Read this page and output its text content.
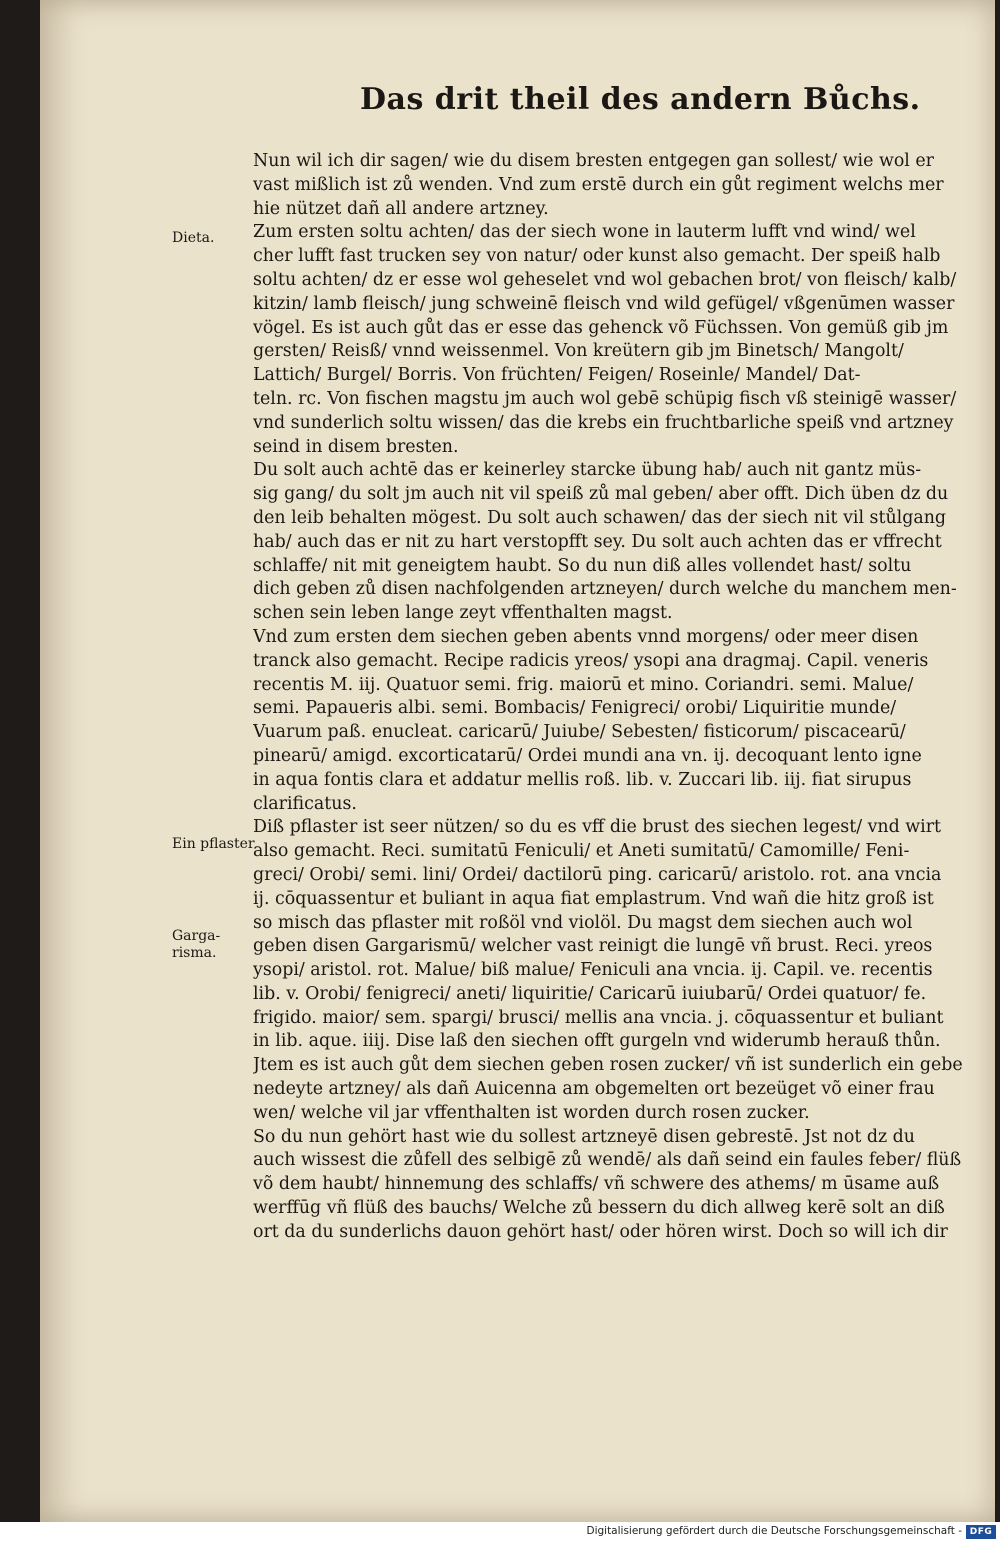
Das drit theil des andern Bůchs.
Dieta.
Ein pflaster
Garga-
risma.
Nun wil ich dir sagen/ wie du disem bresten entgegen gan sollest/ wie wol er
vast mißlich ist zů wenden. Vnd zum erstē durch ein gůt regiment welchs mer
hie nützet dañ all andere artzney.
Zum ersten soltu achten/ das der siech wone in lauterm lufft vnd wind/ wel
cher lufft fast trucken sey von natur/ oder kunst also gemacht. Der speiß halb
soltu achten/ dz er esse wol geheselet vnd wol gebachen brot/ von fleisch/ kalb/
kitzin/ lamb fleisch/ jung schweinē fleisch vnd wild gefügel/ vßgenūmen wasser
vögel. Es ist auch gůt das er esse das gehenck võ Füchssen. Von gemüß gib jm
gersten/ Reisß/ vnnd weissenmel. Von kreütern gib jm Binetsch/ Mangolt/
Lattich/ Burgel/ Borris. Von früchten/ Feigen/ Roseinle/ Mandel/ Dat-
teln. rc. Von fischen magstu jm auch wol gebē schüpig fisch vß steinigē wasser/
vnd sunderlich soltu wissen/ das die krebs ein fruchtbarliche speiß vnd artzney
seind in disem bresten.
Du solt auch achtē das er keinerley starcke übung hab/ auch nit gantz müs-
sig gang/ du solt jm auch nit vil speiß zů mal geben/ aber offt. Dich üben dz du
den leib behalten mögest. Du solt auch schawen/ das der siech nit vil stůlgang
hab/ auch das er nit zu hart verstopfft sey. Du solt auch achten das er vffrecht
schlaffe/ nit mit geneigtem haubt. So du nun diß alles vollendet hast/ soltu
dich geben zů disen nachfolgenden artzneyen/ durch welche du manchem men-
schen sein leben lange zeyt vffenthalten magst.
Vnd zum ersten dem siechen geben abents vnnd morgens/ oder meer disen
tranck also gemacht. Recipe radicis yreos/ ysopi ana dragmaj. Capil. veneris
recentis M. iij. Quatuor semi. frig. maiorū et mino. Coriandri. semi. Malue/
semi. Papaueris albi. semi. Bombacis/ Fenigreci/ orobi/ Liquiritie munde/
Vuarum paß. enucleat. caricarū/ Juiube/ Sebesten/ fisticorum/ piscacearū/
pinearū/ amigd. excorticatarū/ Ordei mundi ana vn. ij. decoquant lento igne
in aqua fontis clara et addatur mellis roß. lib. v. Zuccari lib. iij. fiat sirupus
clarificatus.
Diß pflaster ist seer nützen/ so du es vff die brust des siechen legest/ vnd wirt
also gemacht. Reci. sumitatū Feniculi/ et Aneti sumitatū/ Camomille/ Feni-
greci/ Orobi/ semi. lini/ Ordei/ dactilorū ping. caricarū/ aristolo. rot. ana vncia
ij. cōquassentur et buliant in aqua fiat emplastrum. Vnd wañ die hitz groß ist
so misch das pflaster mit roßöl vnd violöl. Du magst dem siechen auch wol
geben disen Gargarismū/ welcher vast reinigt die lungē vñ brust. Reci. yreos
ysopi/ aristol. rot. Malue/ biß malue/ Feniculi ana vncia. ij. Capil. ve. recentis
lib. v. Orobi/ fenigreci/ aneti/ liquiritie/ Caricarū iuiubarū/ Ordei quatuor/ fe.
frigido. maior/ sem. spargi/ brusci/ mellis ana vncia. j. cōquassentur et buliant
in lib. aque. iiij. Dise laß den siechen offt gurgeln vnd widerumb herauß thůn.
Jtem es ist auch gůt dem siechen geben rosen zucker/ vñ ist sunderlich ein gebe
nedeyte artzney/ als dañ Auicenna am obgemelten ort bezeüget võ einer frau
wen/ welche vil jar vffenthalten ist worden durch rosen zucker.
So du nun gehört hast wie du sollest artzneyē disen gebrestē. Jst not dz du
auch wissest die zůfell des selbigē zů wendē/ als dañ seind ein faules feber/ flüß
võ dem haubt/ hinnemung des schlaffs/ vñ schwere des athems/ m ūsame auß
werffūg vñ flüß des bauchs/ Welche zů bessern du dich allweg kerē solt an diß
ort da du sunderlichs dauon gehört hast/ oder hören wirst. Doch so will ich dir
Digitalisierung gefördert durch die Deutsche Forschungsgemeinschaft - DFG
